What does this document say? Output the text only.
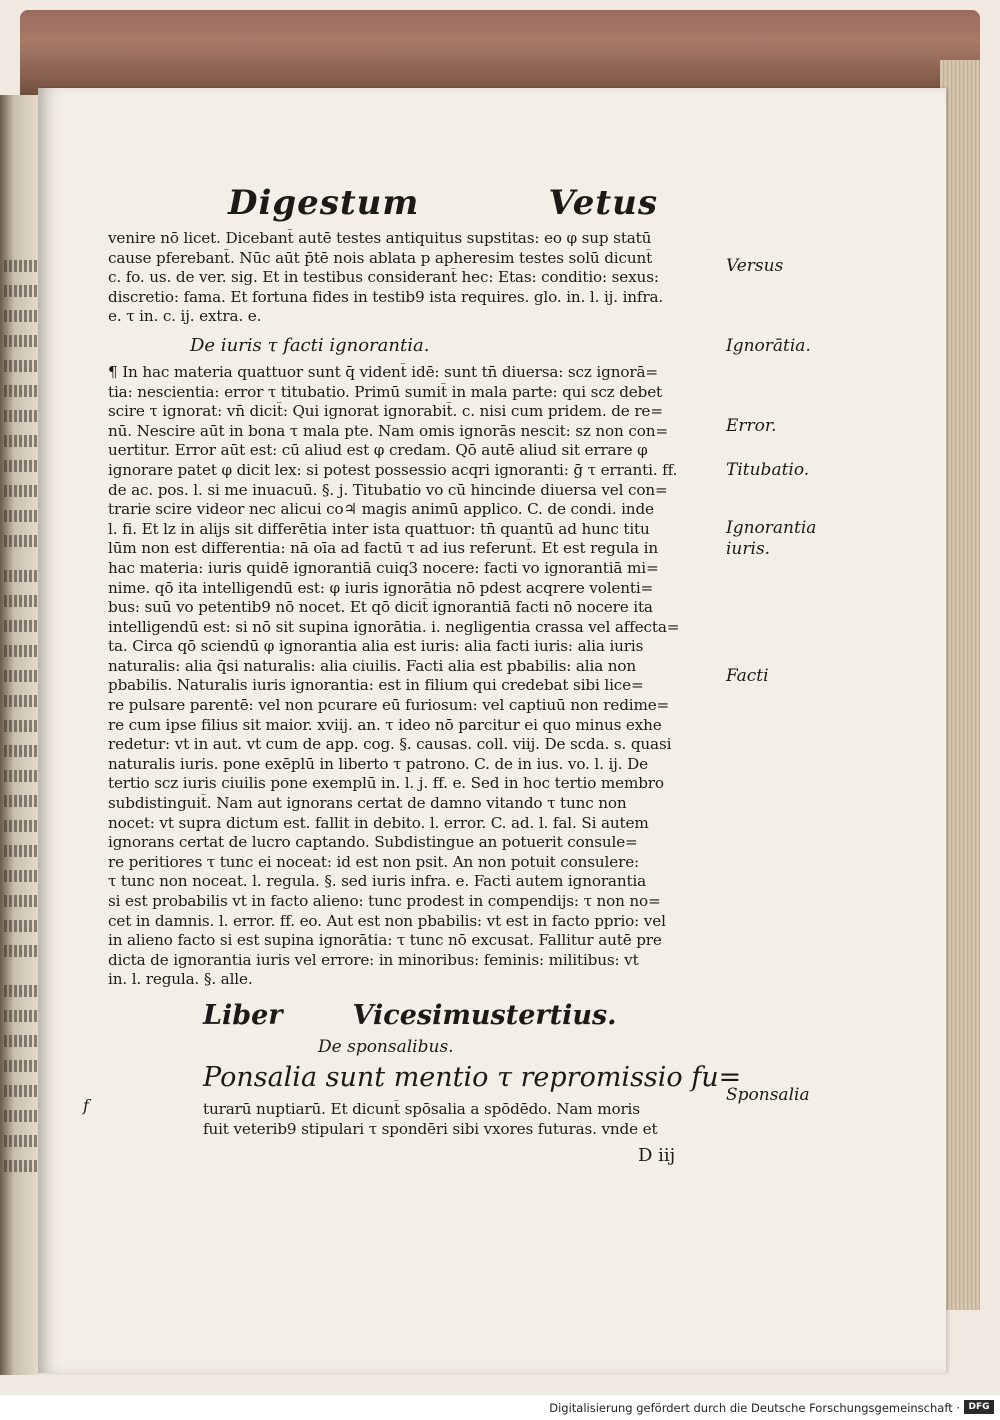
Digestum	Vetus
venire nō licet. Dicebant̄ autē testes antiquitus supstitas: eo φ sup statū
cause pferebant̄. Nūc aūt p̄tē nois ablata p apheresim testes solū dicunt̄
c. fo. us. de ver. sig. Et in testibus considerant̄ hec: Etas: conditio: sexus:
discretio: fama. Et fortuna fides in testib9 ista requires. glo. in. l. ij. infra.
e. τ in. c. ij. extra. e.
De iuris τ facti ignorantia.
¶ In hac materia quattuor sunt q̄ vident̄ idē: sunt tn̄ diuersa: scz ignorā=
tia: nescientia: error τ titubatio. Primū sumit̄ in mala parte: qui scz debet
scire τ ignorat: vn̄ dicit̄: Qui ignorat ignorabit̄. c. nisi cum pridem. de re=
nū. Nescire aūt in bona τ mala pte. Nam omis ignorās nescit: sz non con=
uertitur. Error aūt est: cū aliud est φ credam. Qō autē aliud sit errare φ
ignorare patet φ dicit lex: si potest possessio acqri ignoranti: ḡ τ erranti. ff.
de ac. pos. l. si me inuacuū. §. j. Titubatio vo cū hincinde diuersa vel con=
trarie scire videor nec alicui co♃ magis animū applico. C. de condi. inde
l. fi. Et lz in alijs sit differētia inter ista quattuor: tn̄ quantū ad hunc titu
lūm non est differentia: nā oīa ad factū τ ad ius referunt̄. Et est regula in
hac materia: iuris quidē ignorantiā cuiq3 nocere: facti vo ignorantiā mi=
nime. qō ita intelligendū est: φ iuris ignorātia nō pdest acqrere volenti=
bus: suū vo petentib9 nō nocet. Et qō dicit̄ ignorantiā facti nō nocere ita
intelligendū est: si nō sit supina ignorātia. i. negligentia crassa vel affecta=
ta. Circa qō sciendū φ ignorantia alia est iuris: alia facti iuris: alia iuris
naturalis: alia q̄si naturalis: alia ciuilis. Facti alia est pbabilis: alia non
pbabilis. Naturalis iuris ignorantia: est in filium qui credebat sibi lice=
re pulsare parentē: vel non pcurare eū furiosum: vel captiuū non redime=
re cum ipse filius sit maior. xviij. an. τ ideo nō parcitur ei quo minus exhe
redetur: vt in aut. vt cum de app. cog. §. causas. coll. viij. De scda. s. quasi
naturalis iuris. pone exēplū in liberto τ patrono. C. de in ius. vo. l. ij. De
tertio scz iuris ciuilis pone exemplū in. l. j. ff. e. Sed in hoc tertio membro
subdistinguit̄. Nam aut ignorans certat de damno vitando τ tunc non
nocet: vt supra dictum est. fallit in debito. l. error. C. ad. l. fal. Si autem
ignorans certat de lucro captando. Subdistingue an potuerit consule=
re peritiores τ tunc ei noceat: id est non psit. An non potuit consulere:
τ tunc non noceat. l. regula. §. sed iuris infra. e. Facti autem ignorantia
si est probabilis vt in facto alieno: tunc prodest in compendijs: τ non no=
cet in damnis. l. error. ff. eo. Aut est non pbabilis: vt est in facto pprio: vel
in alieno facto si est supina ignorātia: τ tunc nō excusat. Fallitur autē pre
dicta de ignorantia iuris vel errore: in minoribus: feminis: militibus: vt
in. l. regula. §. alle.
Liber	Vicesimustertius.
De sponsalibus.
Ponsalia sunt mentio τ repromissio fu=
turarū nuptiarū. Et dicunt̄ spōsalia a spōdēdo. Nam moris
fuit veterib9 stipulari τ spondēri sibi vxores futuras. vnde et
D iij
f
Versus
Ignorātia.
Error.
Titubatio.
Ignorantia
iuris.
Facti
Sponsalia
Digitalisierung gefördert durch die Deutsche Forschungsgemeinschaft · DFG
